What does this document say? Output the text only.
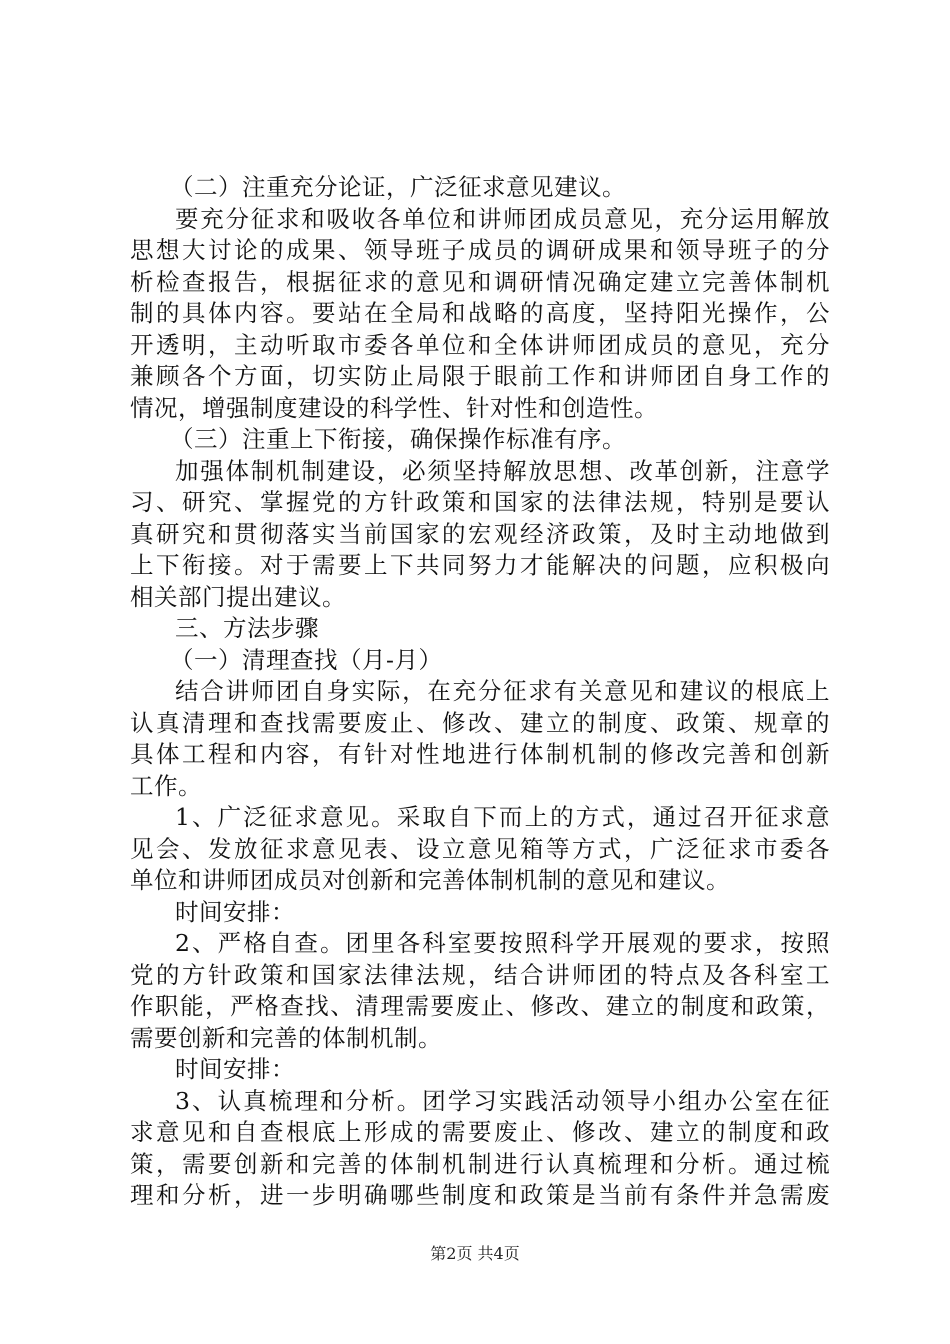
（二）注重充分论证，广泛征求意见建议。
要充分征求和吸收各单位和讲师团成员意见，充分运用解放
思想大讨论的成果、领导班子成员的调研成果和领导班子的分
析检查报告，根据征求的意见和调研情况确定建立完善体制机
制的具体内容。要站在全局和战略的高度，坚持阳光操作，公
开透明，主动听取市委各单位和全体讲师团成员的意见，充分
兼顾各个方面，切实防止局限于眼前工作和讲师团自身工作的
情况，增强制度建设的科学性、针对性和创造性。
（三）注重上下衔接，确保操作标准有序。
加强体制机制建设，必须坚持解放思想、改革创新，注意学
习、研究、掌握党的方针政策和国家的法律法规，特别是要认
真研究和贯彻落实当前国家的宏观经济政策，及时主动地做到
上下衔接。对于需要上下共同努力才能解决的问题，应积极向
相关部门提出建议。
三、方法步骤
（一）清理查找（月-月）
结合讲师团自身实际，在充分征求有关意见和建议的根底上
认真清理和查找需要废止、修改、建立的制度、政策、规章的
具体工程和内容，有针对性地进行体制机制的修改完善和创新
工作。
1、广泛征求意见。采取自下而上的方式，通过召开征求意
见会、发放征求意见表、设立意见箱等方式，广泛征求市委各
单位和讲师团成员对创新和完善体制机制的意见和建议。
时间安排：
2、严格自查。团里各科室要按照科学开展观的要求，按照
党的方针政策和国家法律法规，结合讲师团的特点及各科室工
作职能，严格查找、清理需要废止、修改、建立的制度和政策，
需要创新和完善的体制机制。
时间安排：
3、认真梳理和分析。团学习实践活动领导小组办公室在征
求意见和自查根底上形成的需要废止、修改、建立的制度和政
策，需要创新和完善的体制机制进行认真梳理和分析。通过梳
理和分析，进一步明确哪些制度和政策是当前有条件并急需废
第2页 共4页
